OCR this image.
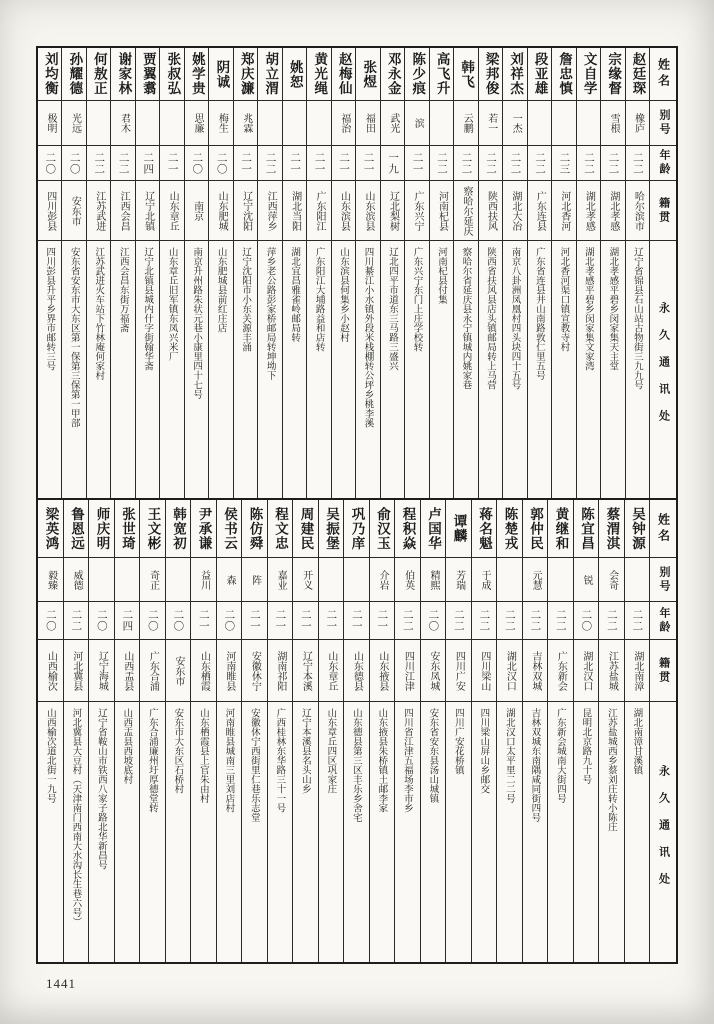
姓名
别号
年龄
籍贯
永久通讯处
赵廷琛
橡庐
二二
哈尔滨市
辽宁省锦县石山站古物街三九九号
宗缘督
雪根
二二
湖北孝感
湖北孝感平碧乡闵家集天主堂
文自学
二二
湖北孝感
湖北孝感平碧乡闵家集文家湾
詹忠慎
二三
河北香河
河北香河渠口镇宣教寺村
段亚雄
二二
广东连县
广东省连县井山南路敦仁里五号
刘祥杰
一杰
二二
湖北大冶
南京八卦洲凤凰村四头块四十五号
梁邦俊
若一
二二
陕西扶风
陕西省扶风县店头镇邮局转上马营
韩飞
云鹏
二二
察哈尔延庆
察哈尔省延庆县永宁镇城内姚家巷
高飞升
二二
河南杞县
河南杞县付集
陈少痕
滨
二一
广东兴宁
广东兴宁东门上庄学校转
邓永金
武光
一九
辽北梨树
辽北四平市道东三马路三盛兴
张煜
福田
二一
山东滨县
四川綦江小水镇外段米栈棚转公坪乡桃李溪
赵梅仙
福治
二一
山东滨县
山东滨县何集乡小赵村
黄光绳
二一
广东阳江
广东阳江大埔路益和店转
姚恕
二一
湖北当阳
湖北宜昌雅雀岭邮局转
胡立渭
二二
江西萍乡
萍乡老公路彭家桥邮局转坤坳下
郑庆濂
兆霖
二一
辽宁沈阳
辽宁沈阳市小东关源丰涌
阴诚
梅生
二〇
山东肥城
山东肥城县前红庄店
姚学贵
思廉
二〇
南京
南京升州路朱状元巷小康里四十七号
张叔弘
二一
山东章丘
山东章丘旧军镇东凤兴米厂
贾翼翥
二四
辽宁北镇
辽宁北镇县城内什字街翰华斋
谢家林
君木
二二
江西会昌
江西会昌东街万福斋
何敖正
二二
江苏武进
江苏武进火车站下竹林庵何家村
孙耀德
光远
二〇
安东市
安东省安东市大东区第一保第三保第一甲部
刘均衡
极明
二〇
四川彭县
四川彭县升平乡界市邮转三号
姓名
别号
年龄
籍贯
永久通讯处
吴钟源
二二
湖北南漳
湖北南漳甘溪镇
蔡渭淇
会奇
二二
江苏盐城
江苏盐城西乡蔡刘庄转小陈庄
陈宜昌
锐
二〇
湖北汉口
昆明北京路九十号
黄继和
二二
广东新会
广东新会城南大街四号
郭仲民
元慧
二二
吉林双城
吉林双城东南隅咸同街四号
陈楚戎
二二
湖北汉口
湖北汉口太平里二二号
蒋名魁
于成
二二
四川梁山
四川梁山屏山乡邮交
谭麟
芳瑞
二二
四川广安
四川广安花桥镇
卢国华
精熙
二〇
安东凤城
安东省安东县汤山城镇
程积焱
伯英
二二
四川江津
四川省江津五福场李市乡
俞汉玉
介岩
二一
山东掖县
山东掖县朱桥镇土邮李家
巩乃庠
二一
山东德县
山东德县第三区丰乐乡舍宅
吴振堡
二一
山东章丘
山东章丘四区巩家庄
周建民
开义
二一
辽宁本溪
辽宁本溪县名头山乡
程文忠
嘉业
二一
湖南祁阳
广西桂林东华路三十一号
陈仿舜
阵
二一
安徽休宁
安徽休宁西街里仁巷乐志堂
侯书云
森
二〇
河南睢县
河南睢县城南三里刘店村
尹承谦
益川
二一
山东栖霞
山东栖霞县上官朱由村
韩宽初
二〇
安东市
安东市大东区石桥村
王文彬
奇正
二〇
广东合浦
广东合浦廉州圩厚德堂转
张世琦
二四
山西盂县
山西盂县西坡底村
师庆明
二〇
辽宁海城
辽宁省鞍山市铁西八家子路北华新昌号
鲁恩远
威德
二二
河北冀县
河北冀县大豆村（天津南门西南大水沟长生巷六号）
梁英鸿
毅臻
二〇
山西榆次
山西榆次道北街一九号
1441
